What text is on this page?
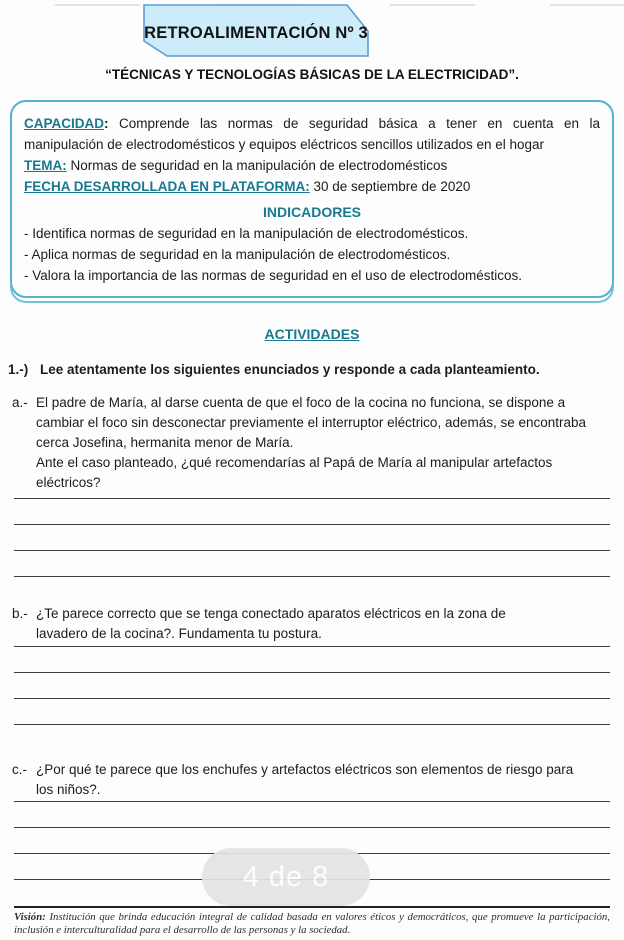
RETROALIMENTACIÓN Nº 3
“TÉCNICAS Y TECNOLOGÍAS BÁSICAS DE LA ELECTRICIDAD”.

CAPACIDAD: Comprende las normas de seguridad básica a tener en cuenta en la manipulación de electrodomésticos y equipos eléctricos sencillos utilizados en el hogar

TEMA: Normas de seguridad en la manipulación de electrodomésticos

FECHA DESARROLLADA EN PLATAFORMA: 30 de septiembre de 2020

INDICADORES
- Identifica normas de seguridad en la manipulación de electrodomésticos.
- Aplica normas de seguridad en la manipulación de electrodomésticos.
- Valora la importancia de las normas de seguridad en el uso de electrodomésticos.
ACTIVIDADES
1.-) Lee atentamente los siguientes enunciados y responde a cada planteamiento.
a.- El padre de María, al darse cuenta de que el foco de la cocina no funciona, se dispone a cambiar el foco sin desconectar previamente el interruptor eléctrico, además, se encontraba cerca Josefina, hermanita menor de María.

Ante el caso planteado, ¿qué recomendarías al Papá de María al manipular artefactos eléctricos?

b.- ¿Te parece correcto que se tenga conectado aparatos eléctricos en la zona de lavadero de la cocina?. Fundamenta tu postura.

c.- ¿Por qué te parece que los enchufes y artefactos eléctricos son elementos de riesgo para los niños?.

4 de 8
Visión: Institución que brinda educación integral de calidad basada en valores éticos y democráticos, que promueve la participación, inclusión e interculturalidad para el desarrollo de las personas y la sociedad.
